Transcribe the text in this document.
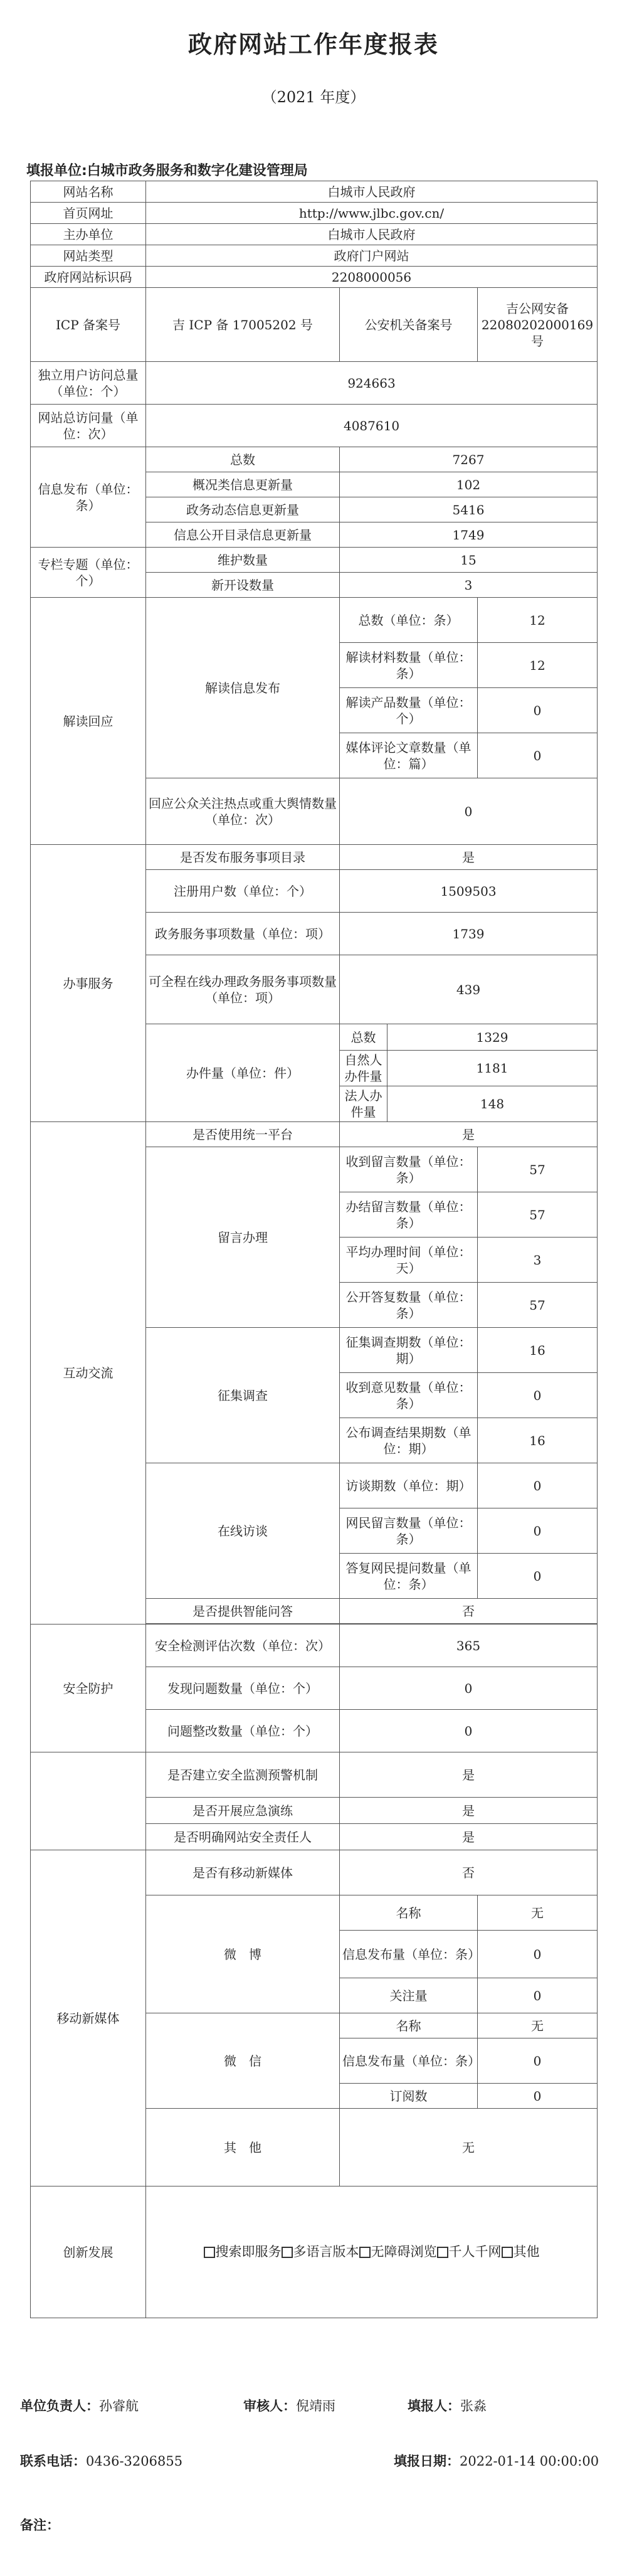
政府网站工作年度报表
（2021 年度）
填报单位:白城市政务服务和数字化建设管理局
网站名称	白城市人民政府			
首页网址	http://www.jlbc.gov.cn/			
主办单位	白城市人民政府			
网站类型	政府门户网站			
政府网站标识码	2208000056			
ICP 备案号	吉 ICP 备 17005202 号	公安机关备案号		吉公网安备22080202000169 号
独立用户访问总量（单位：个）	924663			
网站总访问量（单位：次）	4087610			
信息发布（单位：条）	总数	7267		
	概况类信息更新量	102		
	政务动态信息更新量	5416		
	信息公开目录信息更新量	1749		
专栏专题（单位：个）	维护数量	15		
	新开设数量	3		
解读回应	解读信息发布	总数（单位：条）		12
		解读材料数量（单位：条）		12
		解读产品数量（单位：个）		0
		媒体评论文章数量（单位：篇）		0
	回应公众关注热点或重大舆情数量（单位：次）	0		
办事服务	是否发布服务事项目录	是		
	注册用户数（单位：个）	1509503		
	政务服务事项数量（单位：项）	1739		
	可全程在线办理政务服务事项数量（单位：项）	439		
	办件量（单位：件）	总数	1329	
		自然人办件量	1181	
		法人办件量	148	
互动交流	是否使用统一平台	是		
	留言办理	收到留言数量（单位：条）		57
		办结留言数量（单位：条）		57
		平均办理时间（单位：天）		3
		公开答复数量（单位：条）		57
	征集调查	征集调查期数（单位：期）		16
		收到意见数量（单位：条）		0
		公布调查结果期数（单位：期）		16
	在线访谈	访谈期数（单位：期）		0
		网民留言数量（单位：条）		0
		答复网民提问数量（单位：条）		0
	是否提供智能问答	否		

安全防护	安全检测评估次数（单位：次）	365		
	发现问题数量（单位：个）	0		
	问题整改数量（单位：个）	0		
	是否建立安全监测预警机制	是		
	是否开展应急演练	是		
	是否明确网站安全责任人	是		
移动新媒体	是否有移动新媒体	否		
	微　博	名称		无
		信息发布量（单位：条）		0
		关注量		0
	微　信	名称		无
		信息发布量（单位：条）		0
		订阅数		0
	其　他	无		
创新发展	搜索即服务 多语言版本 无障碍浏览 千人千网 其他			
单位负责人：孙睿航	审核人：倪靖雨	填报人：张淼
联系电话：0436-3206855	填报日期：2022-01-14 00:00:00
备注：
